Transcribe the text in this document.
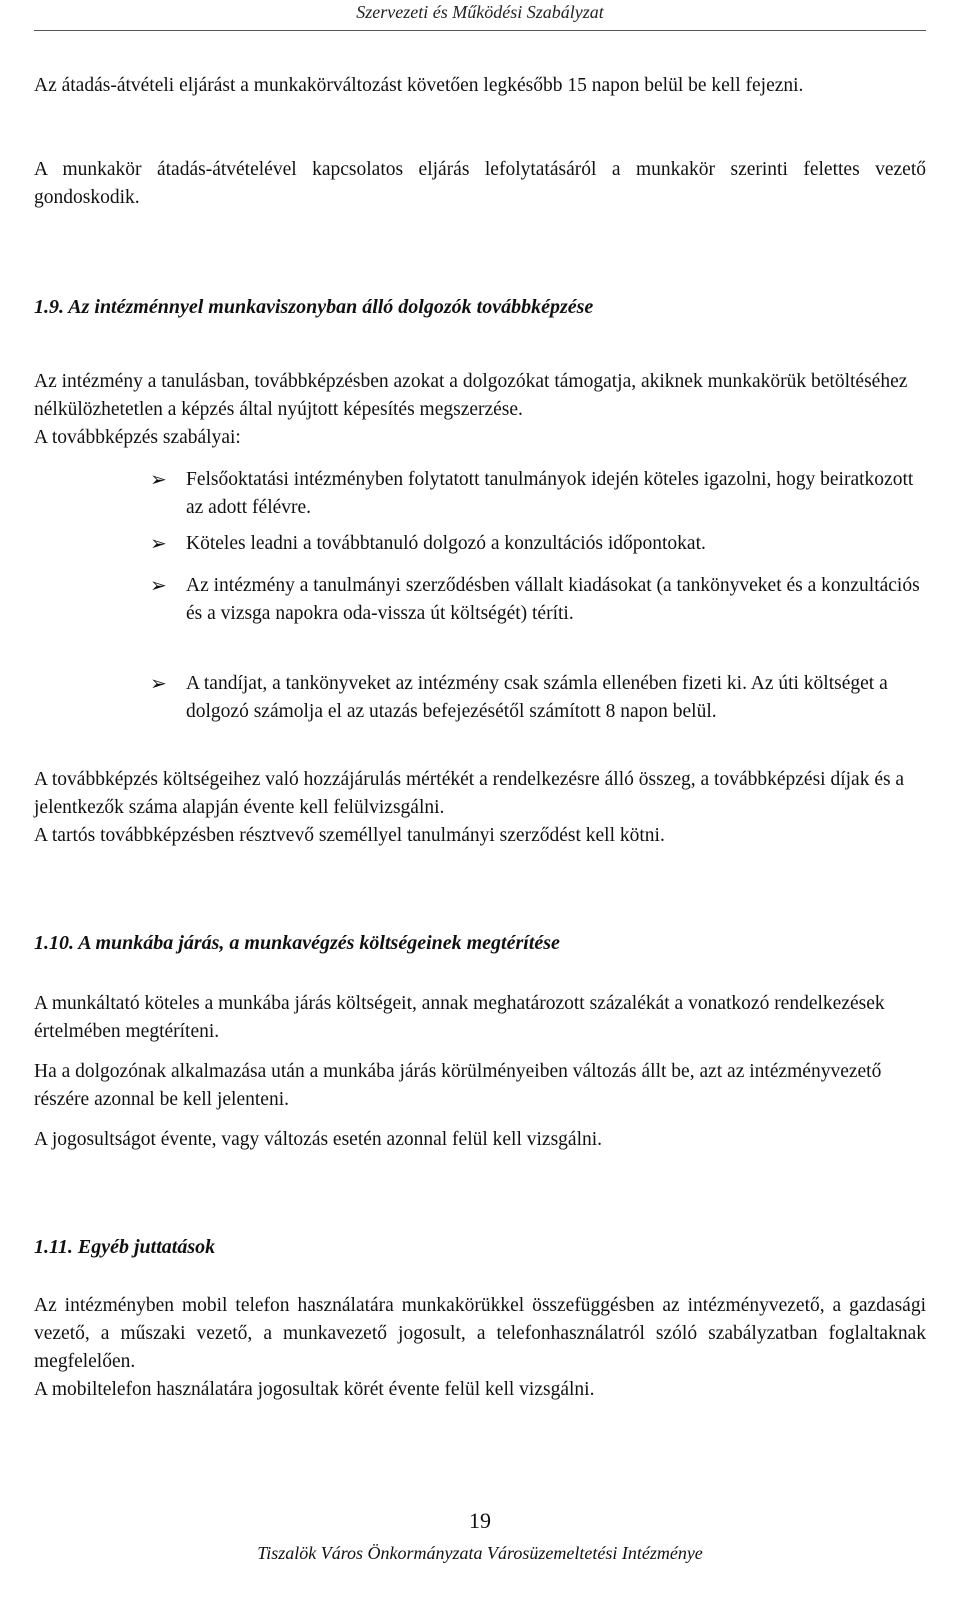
Szervezeti és Működési Szabályzat

Az átadás-átvételi eljárást a munkakörváltozást követően legkésőbb 15 napon belül be kell fejezni.

A munkakör átadás-átvételével kapcsolatos eljárás lefolytatásáról a munkakör szerinti felettes vezető gondoskodik.

1.9. Az intézménnyel munkaviszonyban álló dolgozók továbbképzése

Az intézmény a tanulásban, továbbképzésben azokat a dolgozókat támogatja, akiknek munkakörük betöltéséhez nélkülözhetetlen a képzés által nyújtott képesítés megszerzése.

A továbbképzés szabályai:

➢ Felsőoktatási intézményben folytatott tanulmányok idején köteles igazolni, hogy beiratkozott az adott félévre.

➢ Köteles leadni a továbbtanuló dolgozó a konzultációs időpontokat.

➢ Az intézmény a tanulmányi szerződésben vállalt kiadásokat (a tankönyveket és a konzultációs és a vizsga napokra oda-vissza út költségét) téríti.

➢ A tandíjat, a tankönyveket az intézmény csak számla ellenében fizeti ki. Az úti költséget a dolgozó számolja el az utazás befejezésétől számított 8 napon belül.

A továbbképzés költségeihez való hozzájárulás mértékét a rendelkezésre álló összeg, a továbbképzési díjak és a jelentkezők száma alapján évente kell felülvizsgálni.

A tartós továbbképzésben résztvevő személlyel tanulmányi szerződést kell kötni.

1.10. A munkába járás, a munkavégzés költségeinek megtérítése

A munkáltató köteles a munkába járás költségeit, annak meghatározott százalékát a vonatkozó rendelkezések értelmében megtéríteni.

Ha a dolgozónak alkalmazása után a munkába járás körülményeiben változás állt be, azt az intézményvezető részére azonnal be kell jelenteni.

A jogosultságot évente, vagy változás esetén azonnal felül kell vizsgálni.

1.11. Egyéb juttatások

Az intézményben mobil telefon használatára munkakörükkel összefüggésben az intézményvezető, a gazdasági vezető, a műszaki vezető, a munkavezető jogosult, a telefonhasználatról szóló szabályzatban foglaltaknak megfelelően.

A mobiltelefon használatára jogosultak körét évente felül kell vizsgálni.

19
Tiszalök Város Önkormányzata Városüzemeltetési Intézménye
